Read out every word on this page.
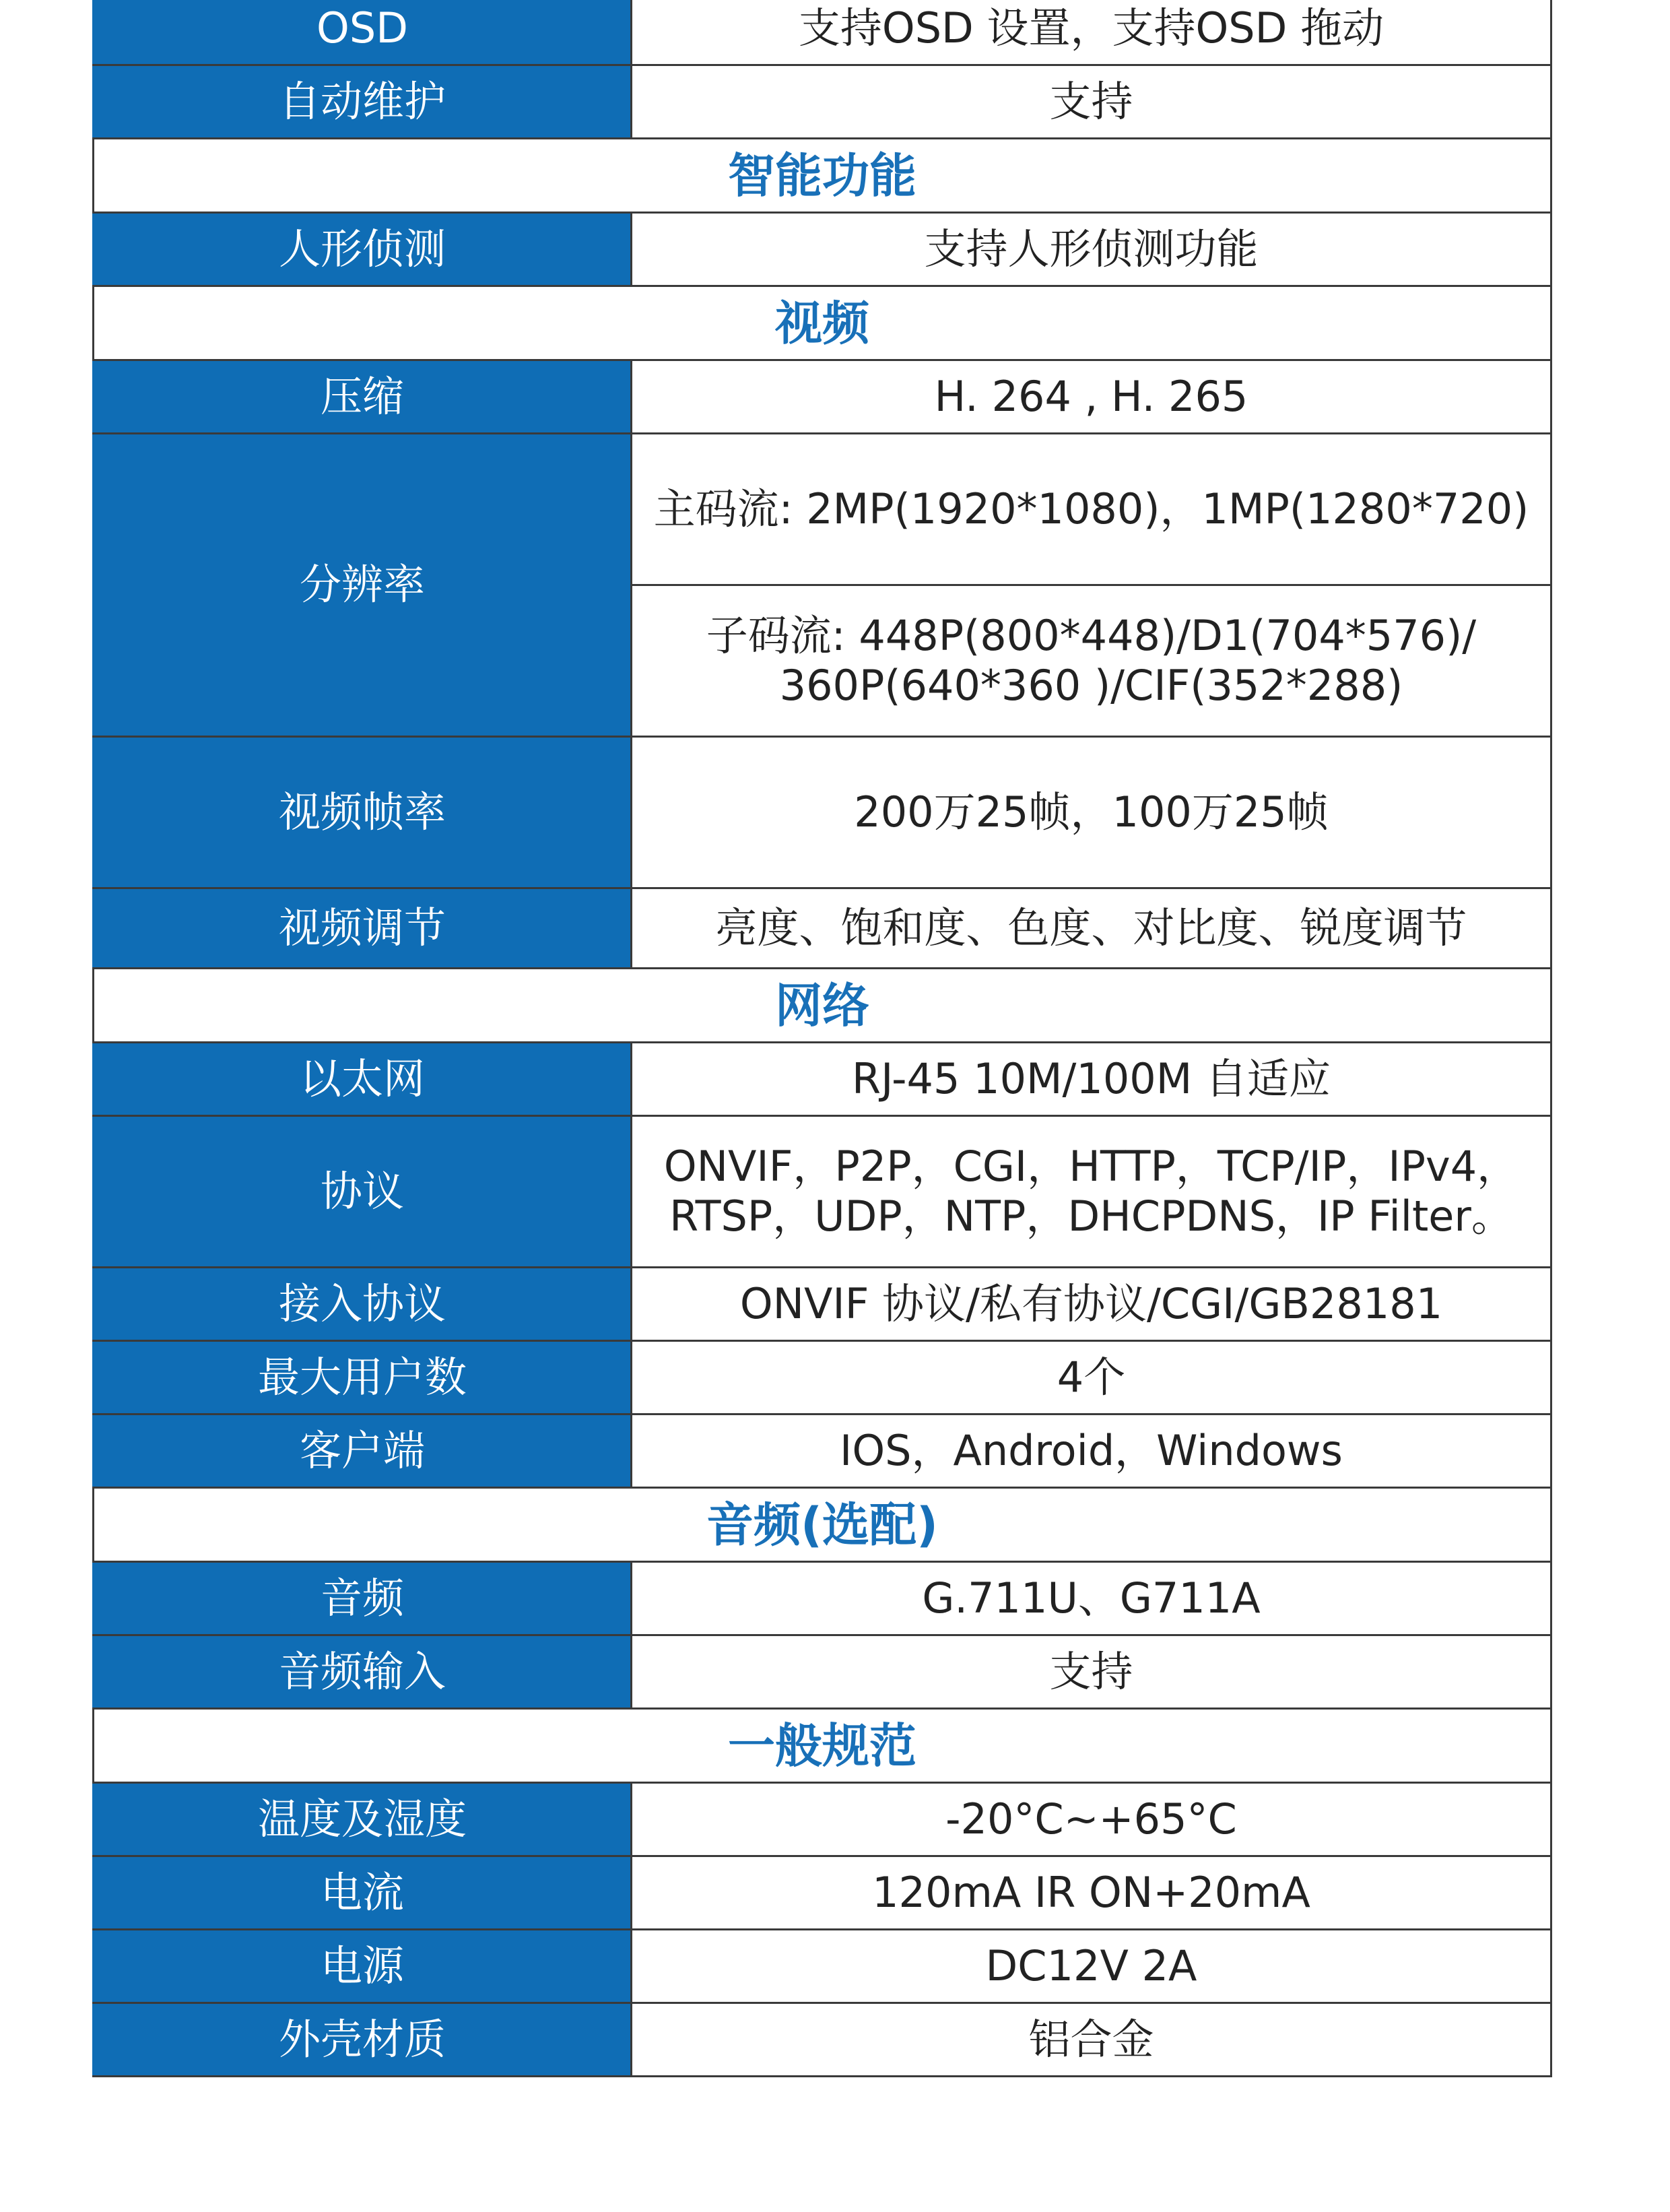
OSD	支持OSD 设置，支持OSD 拖动
自动维护	支持
智能功能	
人形侦测	支持人形侦测功能
视频	
压缩	H. 264 , H. 265
分辨率	主码流: 2MP(1920*1080)，1MP(1280*720)

	子码流: 448P(800*448)/D1(704*576)/
360P(640*360 )/CIF(352*288)

视频帧率	200万25帧，100万25帧
视频调节	亮度、饱和度、色度、对比度、锐度调节
网络	
以太网	RJ-45 10M/100M 自适应
协议	ONVIF，P2P，CGI，HTTP，TCP/IP，IPv4，
RTSP，UDP，NTP，DHCPDNS，IP Filter。

接入协议	ONVIF 协议/私有协议/CGI/GB28181
最大用户数	4个
客户端	IOS，Android，Windows
音频(选配)	
音频	G.711U、G711A
音频输入	支持
一般规范	
温度及湿度	-20°C~+65°C
电流	120mA IR ON+20mA
电源	DC12V 2A
外壳材质	铝合金
